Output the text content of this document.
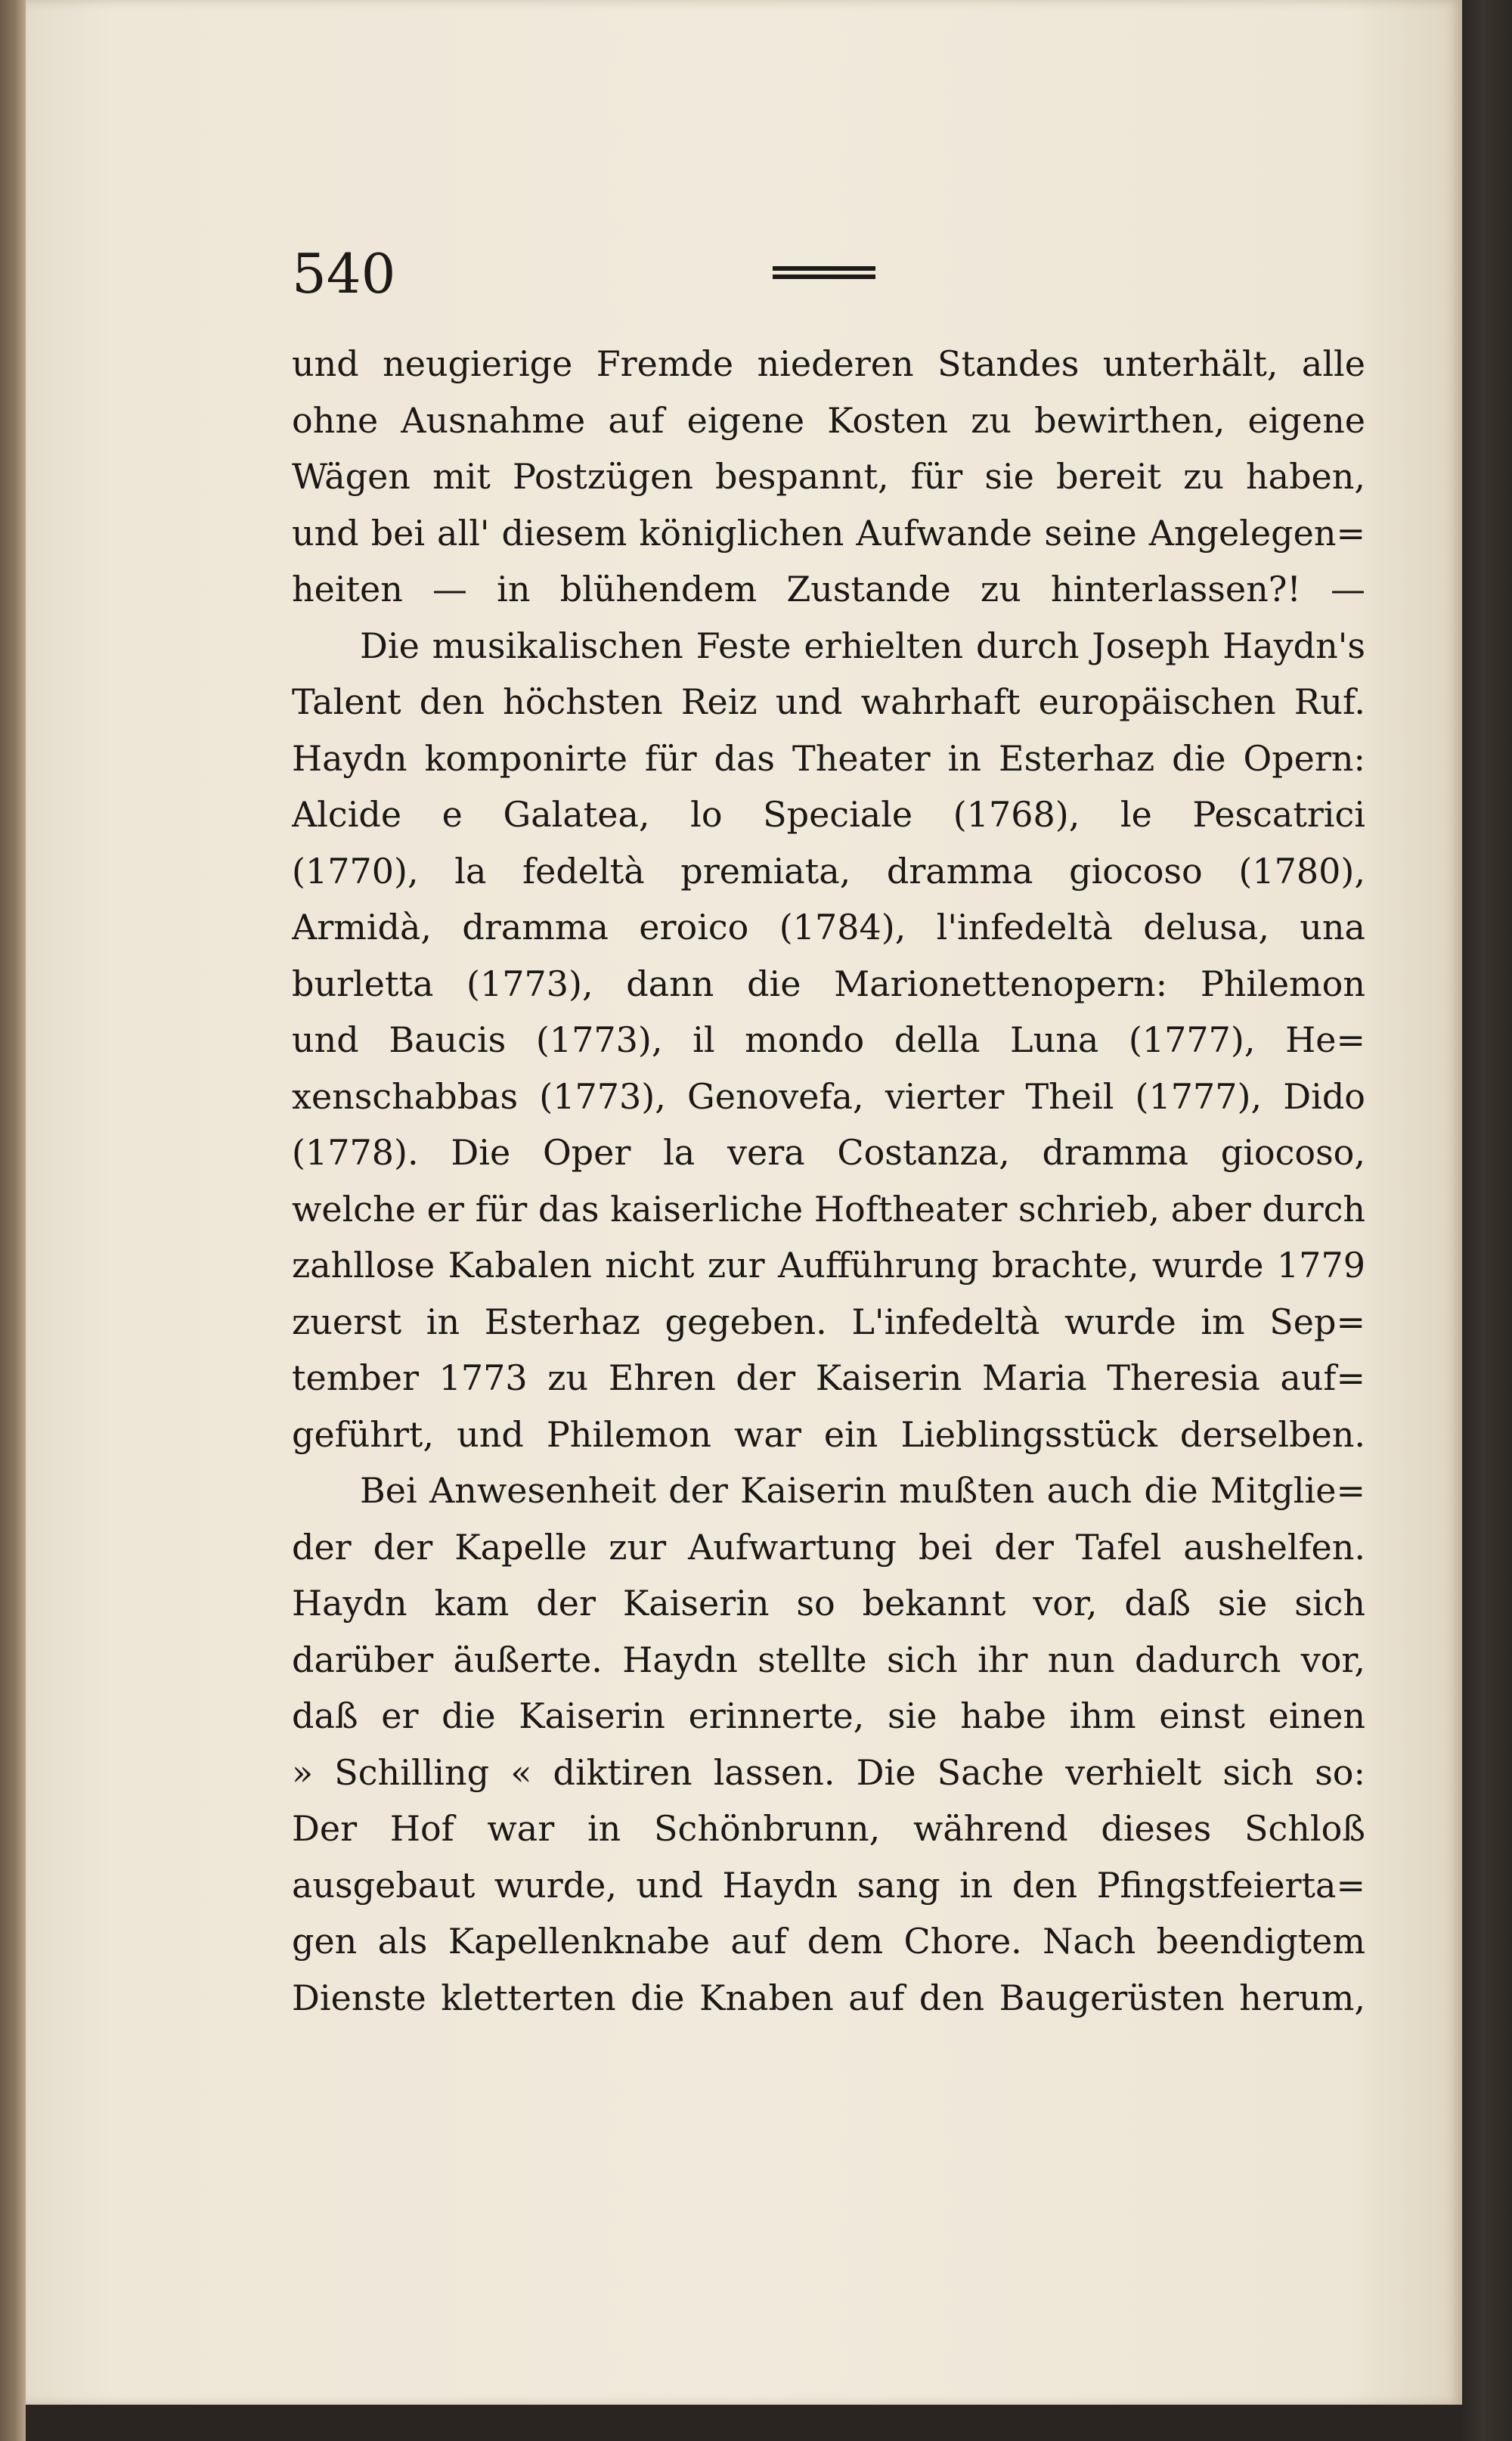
540
und neugierige Fremde niederen Standes unterhält, alle
ohne Ausnahme auf eigene Kosten zu bewirthen, eigene
Wägen mit Postzügen bespannt, für sie bereit zu haben,
und bei all' diesem königlichen Aufwande seine Angelegen=
heiten — in blühendem Zustande zu hinterlassen?! —
Die musikalischen Feste erhielten durch Joseph Haydn's
Talent den höchsten Reiz und wahrhaft europäischen Ruf.
Haydn komponirte für das Theater in Esterhaz die Opern:
Alcide e Galatea, lo Speciale (1768), le Pescatrici
(1770), la fedeltà premiata, dramma giocoso (1780),
Armidà, dramma eroico (1784), l'infedeltà delusa, una
burletta (1773), dann die Marionettenopern: Philemon
und Baucis (1773), il mondo della Luna (1777), He=
xenschabbas (1773), Genovefa, vierter Theil (1777), Dido
(1778). Die Oper la vera Costanza, dramma giocoso,
welche er für das kaiserliche Hoftheater schrieb, aber durch
zahllose Kabalen nicht zur Aufführung brachte, wurde 1779
zuerst in Esterhaz gegeben. L'infedeltà wurde im Sep=
tember 1773 zu Ehren der Kaiserin Maria Theresia auf=
geführt, und Philemon war ein Lieblingsstück derselben.
Bei Anwesenheit der Kaiserin mußten auch die Mitglie=
der der Kapelle zur Aufwartung bei der Tafel aushelfen.
Haydn kam der Kaiserin so bekannt vor, daß sie sich
darüber äußerte. Haydn stellte sich ihr nun dadurch vor,
daß er die Kaiserin erinnerte, sie habe ihm einst einen
» Schilling « diktiren lassen. Die Sache verhielt sich so:
Der Hof war in Schönbrunn, während dieses Schloß
ausgebaut wurde, und Haydn sang in den Pfingstfeierta=
gen als Kapellenknabe auf dem Chore. Nach beendigtem
Dienste kletterten die Knaben auf den Baugerüsten herum,
